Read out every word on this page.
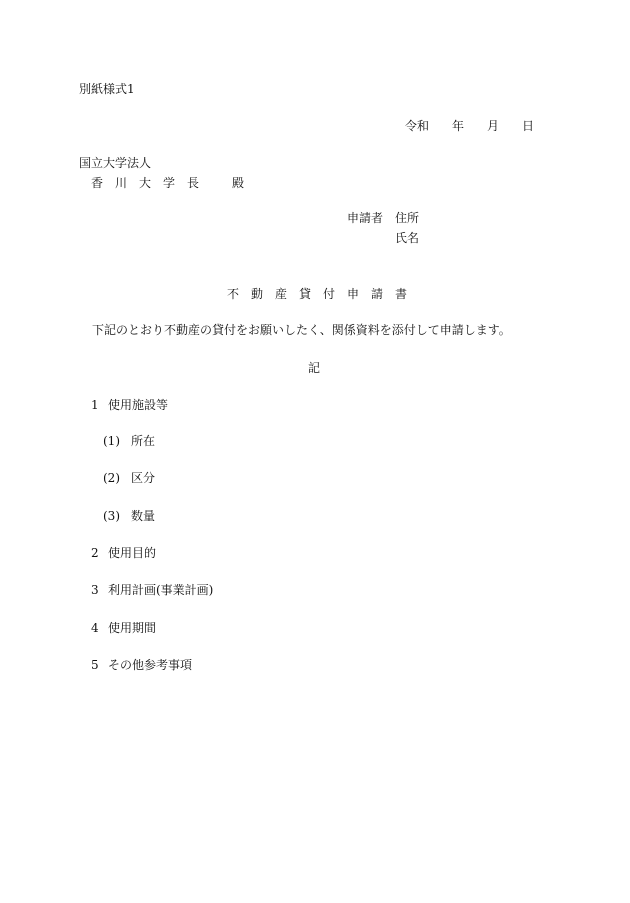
別紙様式1
令和 年 月 日
国立大学法人
香　川　大　学　長	殿
申請者 住所
氏名
不　動　産　貸　付　申　請　書
下記のとおり不動産の貸付をお願いしたく、関係資料を添付して申請します。
記
1 使用施設等
(1) 所在
(2) 区分
(3) 数量
2 使用目的
3 利用計画(事業計画)
4 使用期間
5 その他参考事項
